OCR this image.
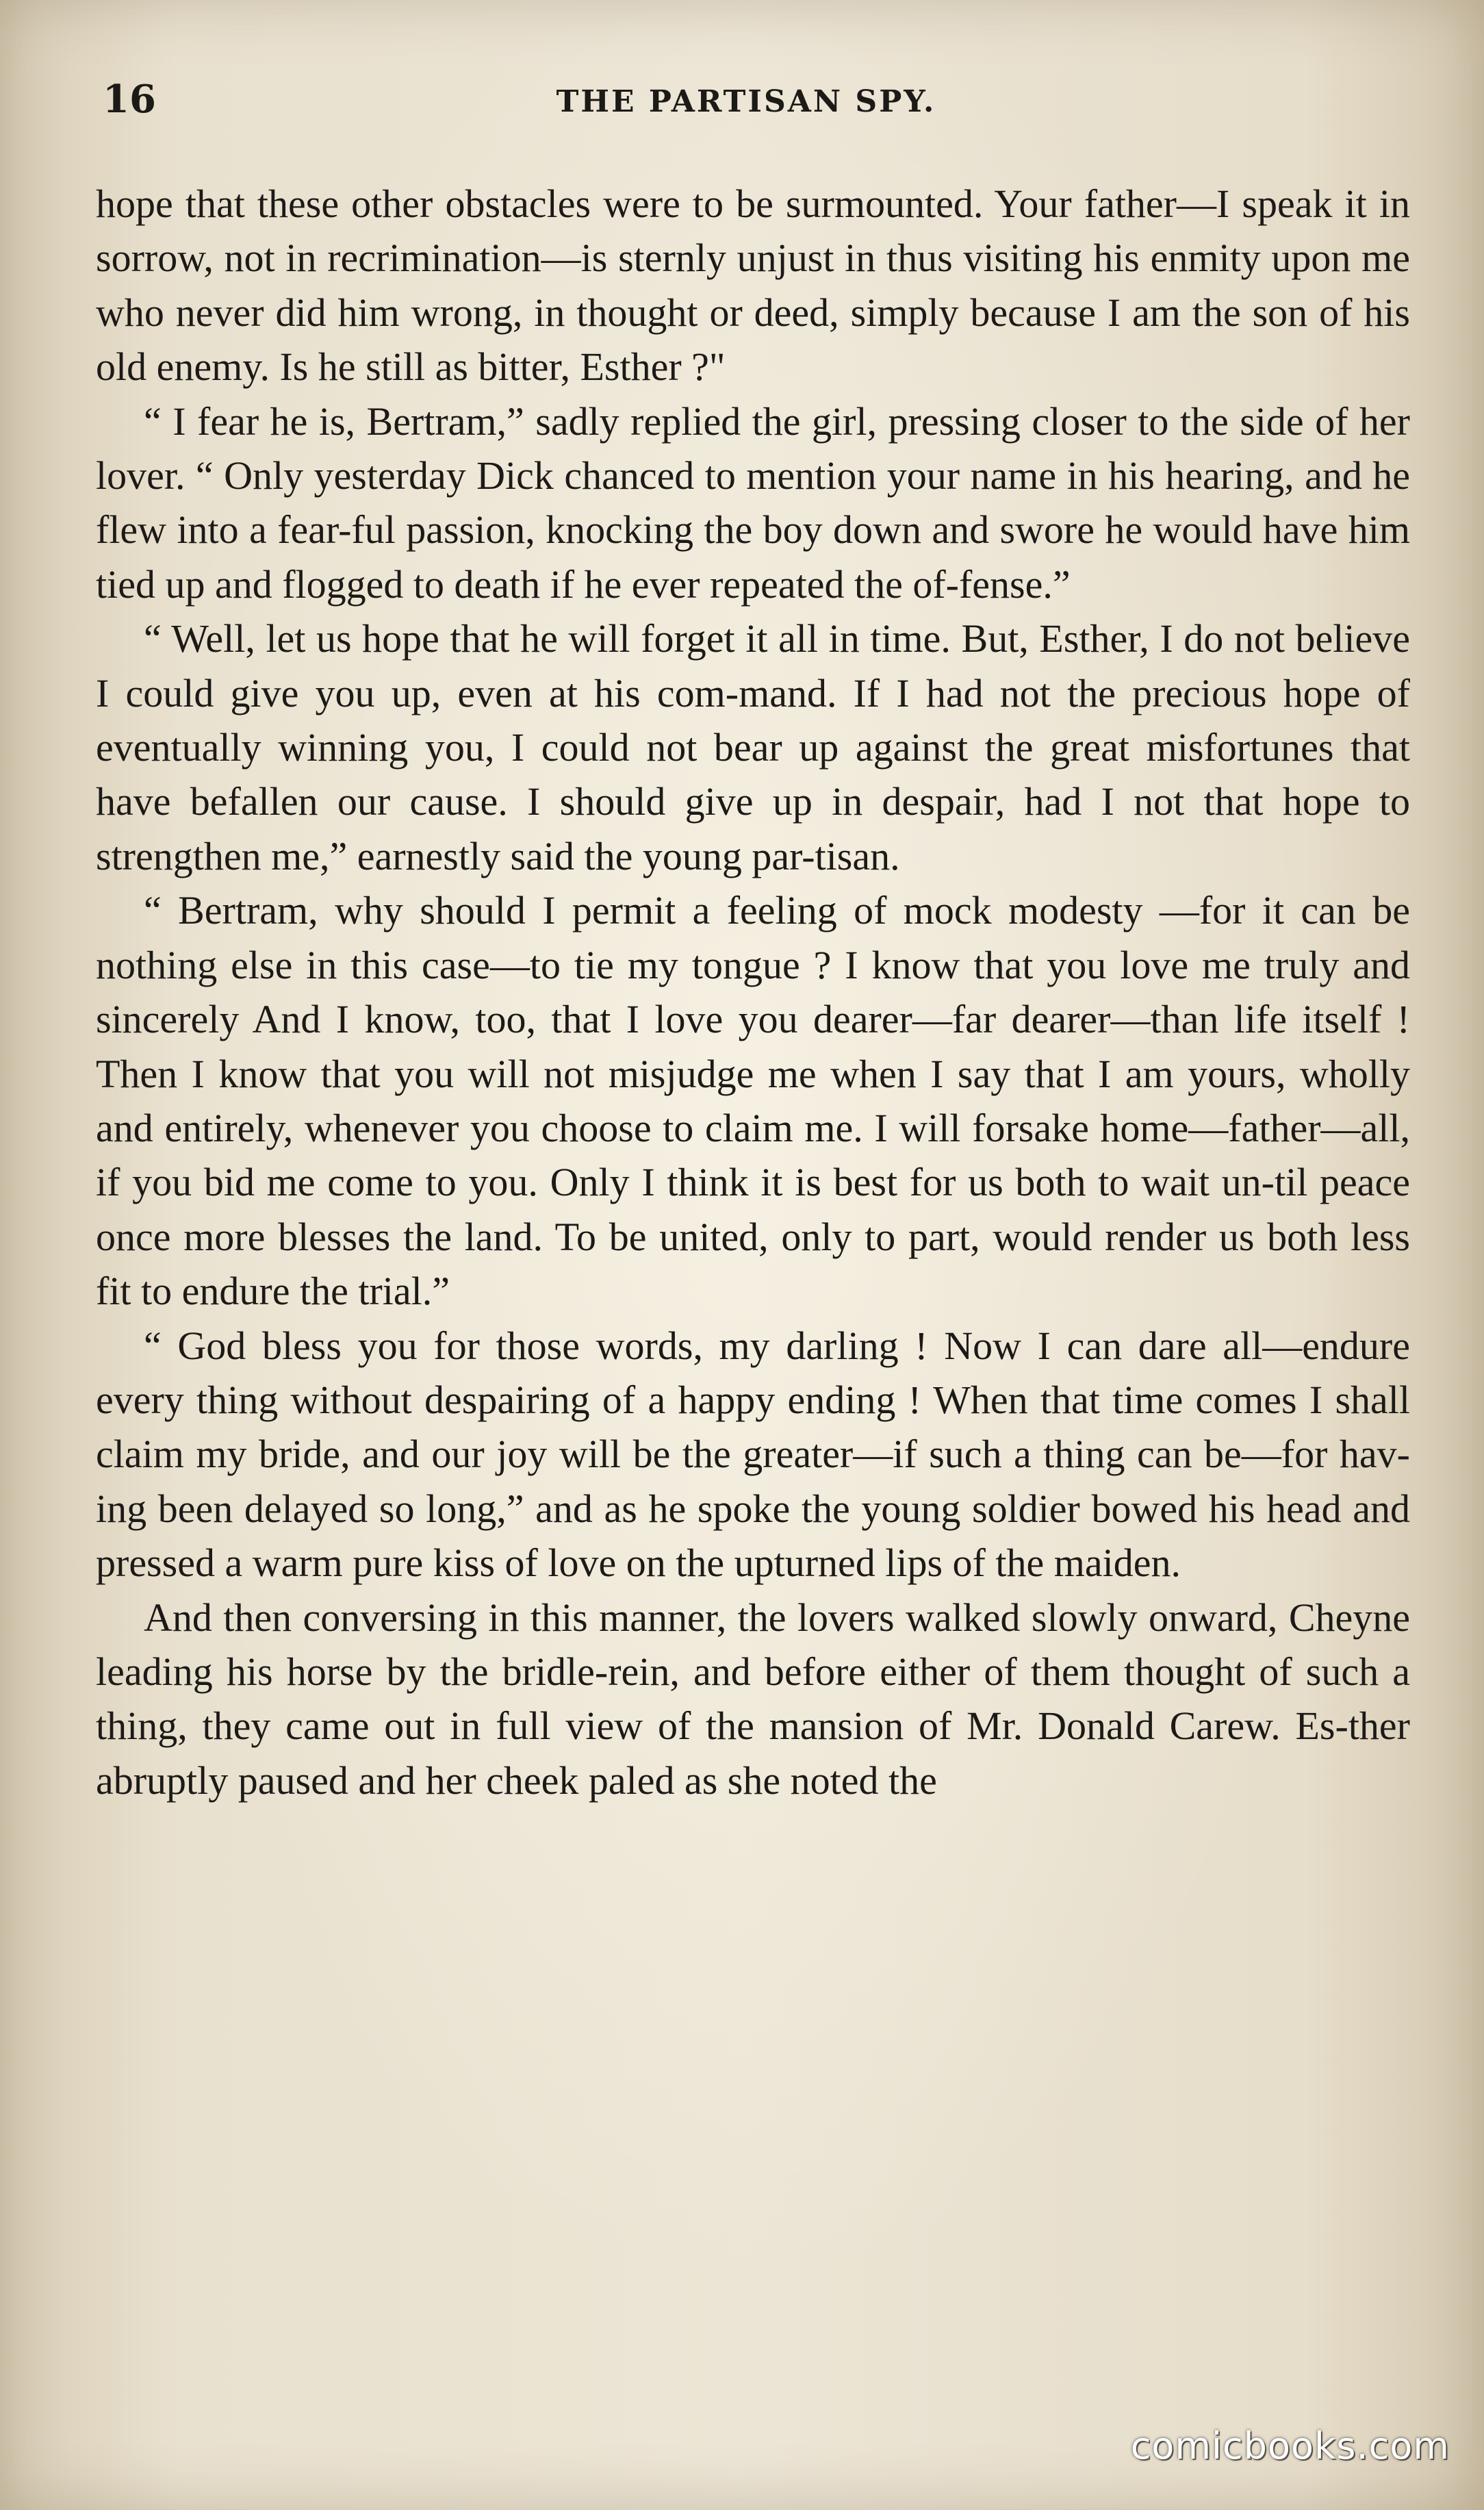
16	THE PARTISAN SPY.

hope that these other obstacles were to be surmounted. Your father—I speak it in sorrow, not in recrimination—is sternly unjust in thus visiting his enmity upon me who never did him wrong, in thought or deed, simply because I am the son of his old enemy. Is he still as bitter, Esther ?"

“ I fear he is, Bertram,” sadly replied the girl, pressing closer to the side of her lover. “ Only yesterday Dick chanced to mention your name in his hearing, and he flew into a fear-ful passion, knocking the boy down and swore he would have him tied up and flogged to death if he ever repeated the of-fense.”

“ Well, let us hope that he will forget it all in time. But, Esther, I do not believe I could give you up, even at his com-mand. If I had not the precious hope of eventually winning you, I could not bear up against the great misfortunes that have befallen our cause. I should give up in despair, had I not that hope to strengthen me,” earnestly said the young par-tisan.

“ Bertram, why should I permit a feeling of mock modesty —for it can be nothing else in this case—to tie my tongue ? I know that you love me truly and sincerely And I know, too, that I love you dearer—far dearer—than life itself ! Then I know that you will not misjudge me when I say that I am yours, wholly and entirely, whenever you choose to claim me. I will forsake home—father—all, if you bid me come to you. Only I think it is best for us both to wait un-til peace once more blesses the land. To be united, only to part, would render us both less fit to endure the trial.”

“ God bless you for those words, my darling ! Now I can dare all—endure every thing without despairing of a happy ending ! When that time comes I shall claim my bride, and our joy will be the greater—if such a thing can be—for hav-ing been delayed so long,” and as he spoke the young soldier bowed his head and pressed a warm pure kiss of love on the upturned lips of the maiden.

And then conversing in this manner, the lovers walked slowly onward, Cheyne leading his horse by the bridle-rein, and before either of them thought of such a thing, they came out in full view of the mansion of Mr. Donald Carew. Es-ther abruptly paused and her cheek paled as she noted the

comicbooks.com
